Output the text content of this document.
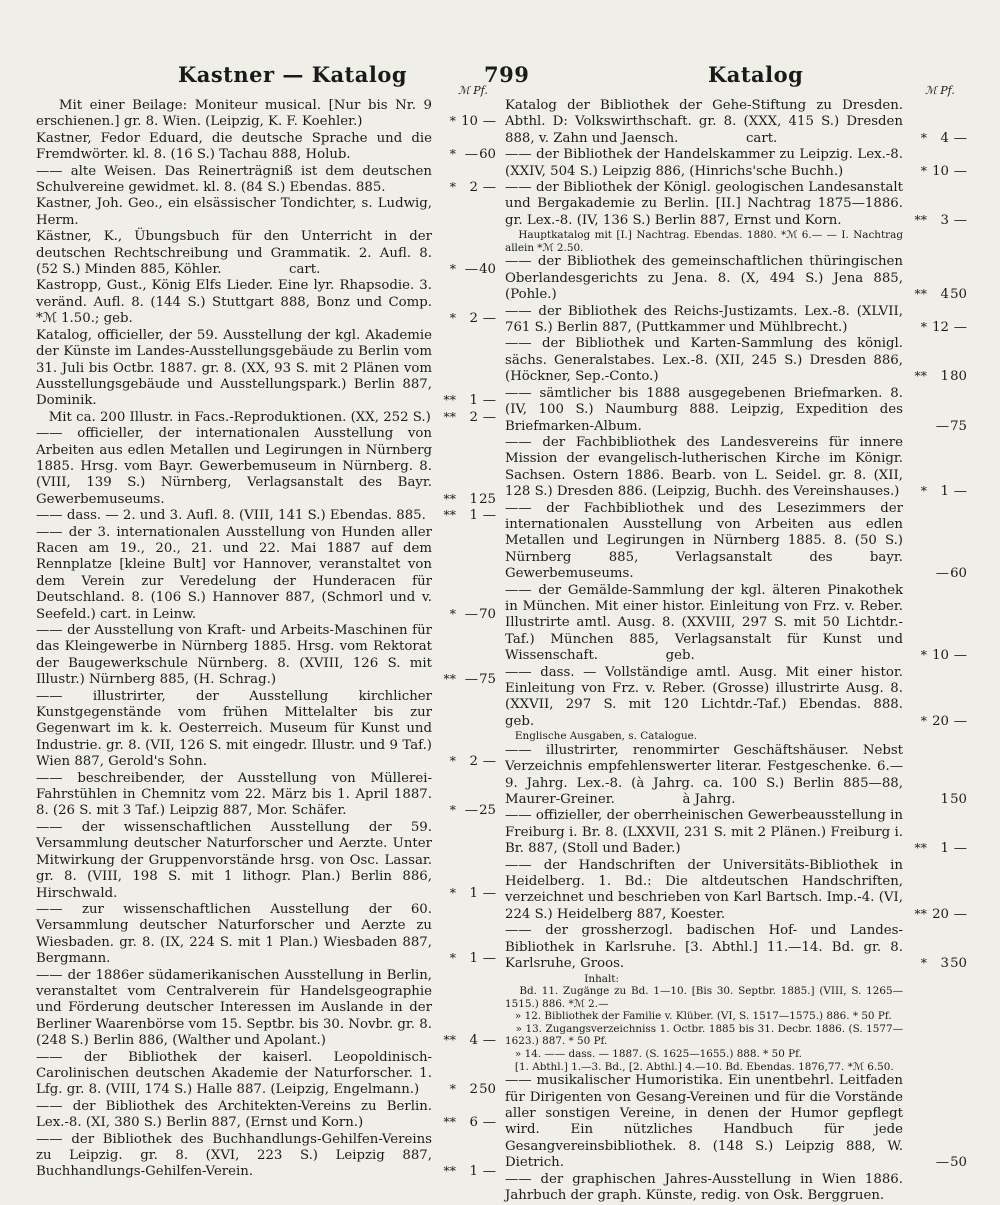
Kastner — Katalog	799	Katalog
ℳ Pf.	ℳ Pf.
Mit einer Beilage: Moniteur musical. [Nur bis Nr. 9 erschienen.] gr. 8. Wien. (Leipzig, K. F. Koehler.)	* 10 —
Kastner, Fedor Eduard, die deutsche Sprache und die Fremdwörter. kl. 8. (16 S.) Tachau 888, Holub.	* —60
—— alte Weisen. Das Reinerträgniß ist dem deutschen Schulvereine gewidmet. kl. 8. (84 S.) Ebendas. 885.	* 2 —
Kastner, Joh. Geo., ein elsässischer Tondichter, s. Ludwig, Herm.
Kästner, K., Übungsbuch für den Unterricht in der deutschen Rechtschreibung und Grammatik. 2. Aufl. 8. (52 S.) Minden 885, Köhler.                cart.	* —40
Kastropp, Gust., König Elfs Lieder. Eine lyr. Rhapsodie. 3. veränd. Aufl. 8. (144 S.) Stuttgart 888, Bonz und Comp.                    *ℳ 1.50.; geb.	* 2 —
Katalog, officieller, der 59. Ausstellung der kgl. Akademie der Künste im Landes-Ausstellungsgebäude zu Berlin vom 31. Juli bis Octbr. 1887. gr. 8. (XX, 93 S. mit 2 Plänen vom Ausstellungsgebäude und Ausstellungspark.) Berlin 887, Dominik.	** 1 —
Mit ca. 200 Illustr. in Facs.-Reproduktionen. (XX, 252 S.)	** 2 —
—— officieller, der internationalen Ausstellung von Arbeiten aus edlen Metallen und Legirungen in Nürnberg 1885. Hrsg. vom Bayr. Gewerbemuseum in Nürnberg. 8. (VIII, 139 S.) Nürnberg, Verlagsanstalt des Bayr. Gewerbemuseums.	** 125
—— dass. — 2. und 3. Aufl. 8. (VIII, 141 S.) Ebendas. 885.	** 1 —
—— der 3. internationalen Ausstellung von Hunden aller Racen am 19., 20., 21. und 22. Mai 1887 auf dem Rennplatze [kleine Bult] vor Hannover, veranstaltet von dem Verein zur Veredelung der Hunderacen für Deutschland. 8. (106 S.) Hannover 887, (Schmorl und v. Seefeld.) cart. in Leinw.	* —70
—— der Ausstellung von Kraft- und Arbeits-Maschinen für das Kleingewerbe in Nürnberg 1885. Hrsg. vom Rektorat der Baugewerkschule Nürnberg. 8. (XVIII, 126 S. mit Illustr.) Nürnberg 885, (H. Schrag.)	** —75
—— illustrirter, der Ausstellung kirchlicher Kunstgegenstände vom frühen Mittelalter bis zur Gegenwart im k. k. Oesterreich. Museum für Kunst und Industrie. gr. 8. (VII, 126 S. mit eingedr. Illustr. und 9 Taf.) Wien 887, Gerold's Sohn.	* 2 —
—— beschreibender, der Ausstellung von Müllerei-Fahrstühlen in Chemnitz vom 22. März bis 1. April 1887. 8. (26 S. mit 3 Taf.) Leipzig 887, Mor. Schäfer.	* —25
—— der wissenschaftlichen Ausstellung der 59. Versammlung deutscher Naturforscher und Aerzte. Unter Mitwirkung der Gruppenvorstände hrsg. von Osc. Lassar. gr. 8. (VIII, 198 S. mit 1 lithogr. Plan.) Berlin 886, Hirschwald.	* 1 —
—— zur wissenschaftlichen Ausstellung der 60. Versammlung deutscher Naturforscher und Aerzte zu Wiesbaden. gr. 8. (IX, 224 S. mit 1 Plan.) Wiesbaden 887, Bergmann.	* 1 —
—— der 1886er südamerikanischen Ausstellung in Berlin, veranstaltet vom Centralverein für Handelsgeographie und Förderung deutscher Interessen im Auslande in der Berliner Waarenbörse vom 15. Septbr. bis 30. Novbr. gr. 8. (248 S.) Berlin 886, (Walther und Apolant.)	** 4 —
—— der Bibliothek der kaiserl. Leopoldinisch-Carolinischen deutschen Akademie der Naturforscher. 1. Lfg. gr. 8. (VIII, 174 S.) Halle 887. (Leipzig, Engelmann.)	* 250
—— der Bibliothek des Architekten-Vereins zu Berlin. Lex.-8. (XI, 380 S.) Berlin 887, (Ernst und Korn.)	** 6 —
—— der Bibliothek des Buchhandlungs-Gehilfen-Vereins zu Leipzig. gr. 8. (XVI, 223 S.) Leipzig 887, Buchhandlungs-Gehilfen-Verein.	** 1 —
Katalog der Bibliothek der Gehe-Stiftung zu Dresden. Abthl. D: Volkswirthschaft. gr. 8. (XXX, 415 S.) Dresden 888, v. Zahn und Jaensch.                cart.	* 4 —
—— der Bibliothek der Handelskammer zu Leipzig. Lex.-8. (XXIV, 504 S.) Leipzig 886, (Hinrichs'sche Buchh.)	* 10 —
—— der Bibliothek der Königl. geologischen Landesanstalt und Bergakademie zu Berlin. [II.] Nachtrag 1875—1886. gr. Lex.-8. (IV, 136 S.) Berlin 887, Ernst und Korn.	** 3 —
Hauptkatalog mit [I.] Nachtrag. Ebendas. 1880. *ℳ 6.— — I. Nachtrag allein *ℳ 2.50.
—— der Bibliothek des gemeinschaftlichen thüringischen Oberlandesgerichts zu Jena. 8. (X, 494 S.) Jena 885, (Pohle.)	** 450
—— der Bibliothek des Reichs-Justizamts. Lex.-8. (XLVII, 761 S.) Berlin 887, (Puttkammer und Mühlbrecht.)	* 12 —
—— der Bibliothek und Karten-Sammlung des königl. sächs. Generalstabes. Lex.-8. (XII, 245 S.) Dresden 886, (Höckner, Sep.-Conto.)	** 180
—— sämtlicher bis 1888 ausgegebenen Briefmarken. 8. (IV, 100 S.) Naumburg 888. Leipzig, Expedition des Briefmarken-Album.	—75
—— der Fachbibliothek des Landesvereins für innere Mission der evangelisch-lutherischen Kirche im Königr. Sachsen. Ostern 1886. Bearb. von L. Seidel. gr. 8. (XII, 128 S.) Dresden 886. (Leipzig, Buchh. des Vereinshauses.)	* 1 —
—— der Fachbibliothek und des Lesezimmers der internationalen Ausstellung von Arbeiten aus edlen Metallen und Legirungen in Nürnberg 1885. 8. (50 S.) Nürnberg 885, Verlagsanstalt des bayr. Gewerbemuseums.	—60
—— der Gemälde-Sammlung der kgl. älteren Pinakothek in München. Mit einer histor. Einleitung von Frz. v. Reber. Illustrirte amtl. Ausg. 8. (XXVIII, 297 S. mit 50 Lichtdr.-Taf.) München 885, Verlagsanstalt für Kunst und Wissenschaft.                geb.	* 10 —
—— dass. — Vollständige amtl. Ausg. Mit einer histor. Einleitung von Frz. v. Reber. (Grosse) illustrirte Ausg. 8. (XXVII, 297 S. mit 120 Lichtdr.-Taf.) Ebendas. 888.                geb.	* 20 —
Englische Ausgaben, s. Catalogue.
—— illustrirter, renommirter Geschäftshäuser. Nebst Verzeichnis empfehlenswerter literar. Festgeschenke. 6.—9. Jahrg. Lex.-8. (à Jahrg. ca. 100 S.) Berlin 885—88, Maurer-Greiner.                à Jahrg.	150
—— offizieller, der oberrheinischen Gewerbeausstellung in Freiburg i. Br. 8. (LXXVII, 231 S. mit 2 Plänen.) Freiburg i. Br. 887, (Stoll und Bader.)	** 1 —
—— der Handschriften der Universitäts-Bibliothek in Heidelberg. 1. Bd.: Die altdeutschen Handschriften, verzeichnet und beschrieben von Karl Bartsch. Imp.-4. (VI, 224 S.) Heidelberg 887, Koester.	** 20 —
—— der grossherzogl. badischen Hof- und Landes-Bibliothek in Karlsruhe. [3. Abthl.] 11.—14. Bd. gr. 8. Karlsruhe, Groos.	* 350
Inhalt:
Bd. 11. Zugänge zu Bd. 1—10. [Bis 30. Septbr. 1885.] (VIII, S. 1265—1515.) 886. *ℳ 2.—
» 12. Bibliothek der Familie v. Klüber. (VI, S. 1517—1575.) 886. * 50 Pf.
» 13. Zugangsverzeichniss 1. Octbr. 1885 bis 31. Decbr. 1886. (S. 1577—1623.) 887. * 50 Pf.
» 14. —— dass. — 1887. (S. 1625—1655.) 888. * 50 Pf.
[1. Abthl.] 1.—3. Bd., [2. Abthl.] 4.—10. Bd. Ebendas. 1876,77. *ℳ 6.50.
—— musikalischer Humoristika. Ein unentbehrl. Leitfaden für Dirigenten von Gesang-Vereinen und für die Vorstände aller sonstigen Vereine, in denen der Humor gepflegt wird. Ein nützliches Handbuch für jede Gesangvereinsbibliothek. 8. (148 S.) Leipzig 888, W. Dietrich.	—50
—— der graphischen Jahres-Ausstellung in Wien 1886. Jahrbuch der graph. Künste, redig. von Osk. Berggruen.
